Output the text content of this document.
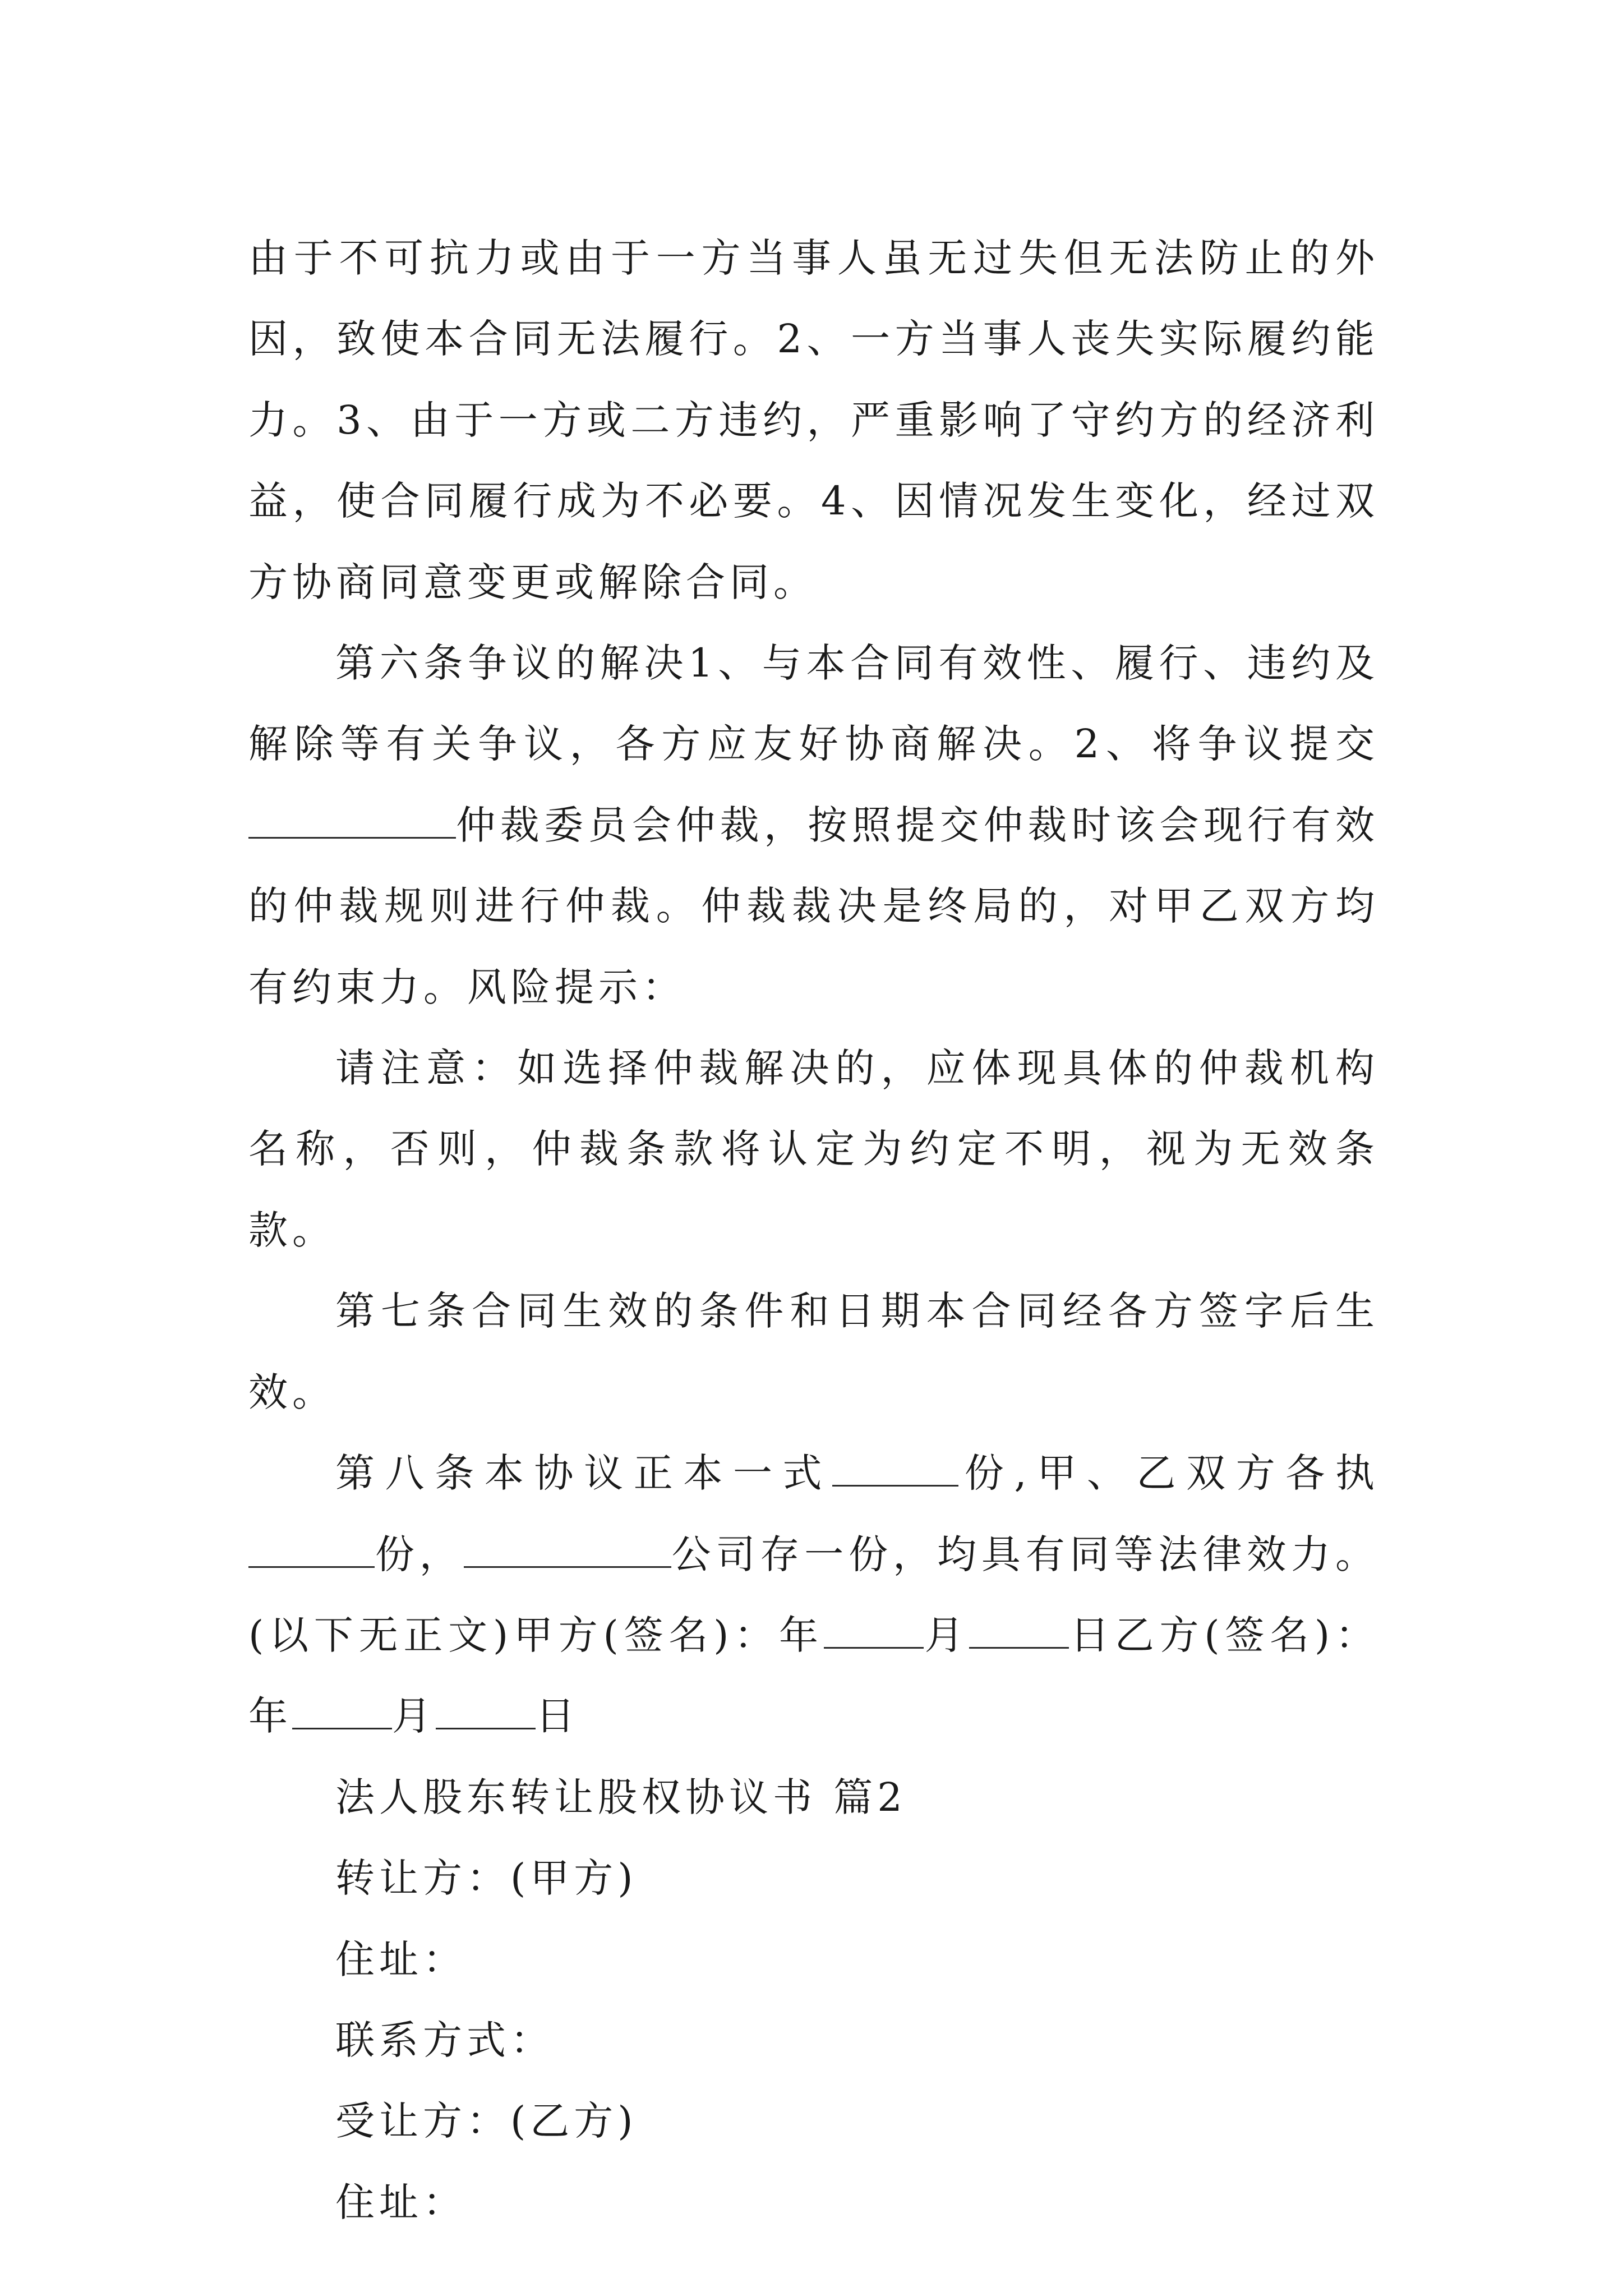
由于不可抗力或由于一方当事人虽无过失但无法防止的外因，致使本合同无法履行。2、一方当事人丧失实际履约能力。3、由于一方或二方违约，严重影响了守约方的经济利益，使合同履行成为不必要。4、因情况发生变化，经过双方协商同意变更或解除合同。

第六条争议的解决1、与本合同有效性、履行、违约及解除等有关争议，各方应友好协商解决。2、将争议提交仲裁委员会仲裁，按照提交仲裁时该会现行有效的仲裁规则进行仲裁。仲裁裁决是终局的，对甲乙双方均有约束力。风险提示：

请注意：如选择仲裁解决的，应体现具体的仲裁机构名称，否则，仲裁条款将认定为约定不明，视为无效条款。

第七条合同生效的条件和日期本合同经各方签字后生效。

第八条本协议正本一式	份,甲、乙双方各执份，	公司存一份，均具有同等法律效力。(以下无正文)甲方(签名)：年	月	日乙方(签名)：年	月	日

法人股东转让股权协议书 篇2

转让方：(甲方)

住址：

联系方式：

受让方：(乙方)

住址：
